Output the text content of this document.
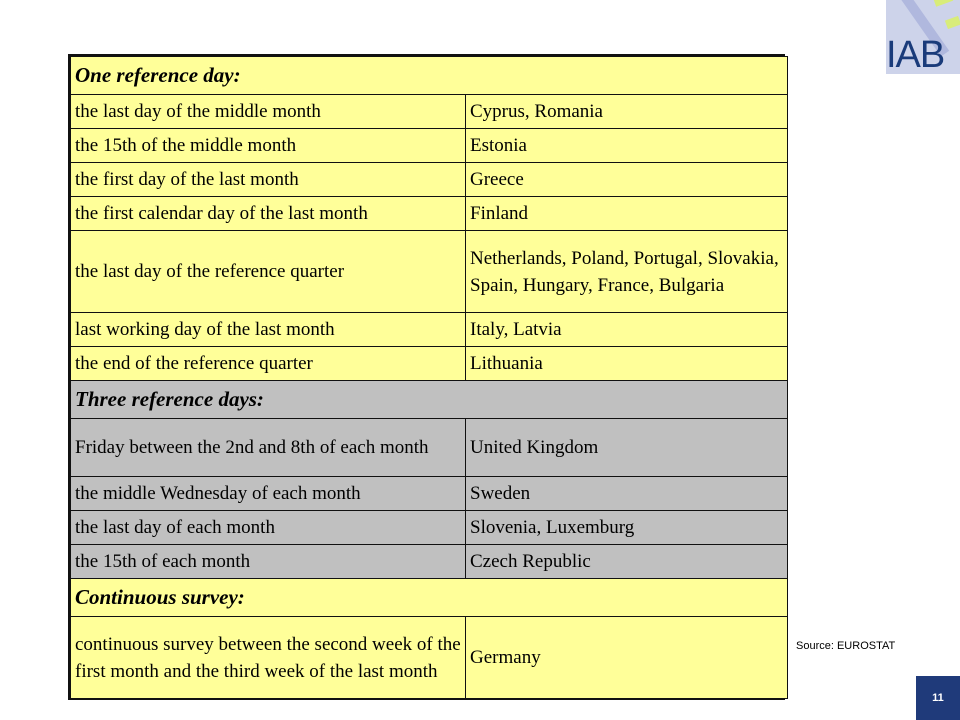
IAB
One reference day:	
the last day of the middle month	Cyprus, Romania
the 15th of the middle month	Estonia
the first day of the last month	Greece
the first calendar day of the last month	Finland
the last day of the reference quarter	Netherlands, Poland, Portugal, Slovakia, Spain, Hungary, France, Bulgaria
last working day of the last month	Italy, Latvia
the end of the reference quarter	Lithuania
Three reference days:	
Friday between the 2nd and 8th of each month	United Kingdom
the middle Wednesday of each month	Sweden
the last day of each month	Slovenia, Luxemburg
the 15th of each month	Czech Republic
Continuous survey:	
continuous survey between the second week of the first month and the third week of the last month	Germany
Source: EUROSTAT
11
